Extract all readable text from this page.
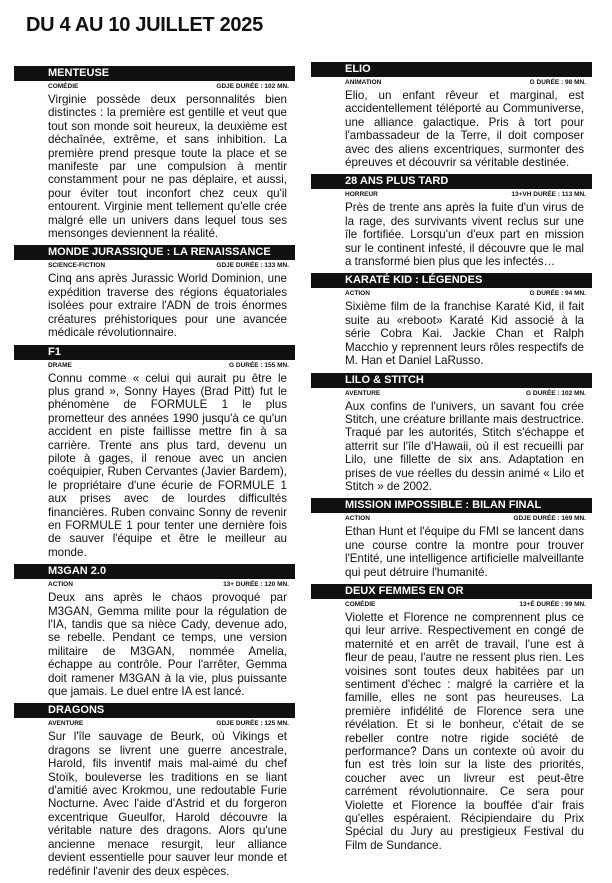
DU 4 AU 10 JUILLET 2025
MENTEUSE
COMÉDIE	GDJE DURÉE : 102 MN.

Virginie possède deux personnalités bien distinctes : la première est gentille et veut que tout son monde soit heureux, la deuxième est déchaînée, extrême, et sans inhibition. La première prend presque toute la place et se manifeste par une compulsion à mentir constamment pour ne pas déplaire, et aussi, pour éviter tout inconfort chez ceux qu'il entourent. Virginie ment tellement qu'elle crée malgré elle un univers dans lequel tous ses mensonges deviennent la réalité.

MONDE JURASSIQUE : LA RENAISSANCE
SCIENCE-FICTION	GDJE DURÉE : 133 MN.

Cinq ans après Jurassic World Dominion, une expédition traverse des régions équatoriales isolées pour extraire l'ADN de trois énormes créatures préhistoriques pour une avancée médicale révolutionnaire.

F1
DRAME	G DURÉE : 155 MN.

Connu comme « celui qui aurait pu être le plus grand », Sonny Hayes (Brad Pitt) fut le phénomène de FORMULE 1 le plus prometteur des années 1990 jusqu'à ce qu'un accident en piste faillisse mettre fin à sa carrière. Trente ans plus tard, devenu un pilote à gages, il renoue avec un ancien coéquipier, Ruben Cervantes (Javier Bardem), le propriétaire d'une écurie de FORMULE 1 aux prises avec de lourdes difficultés financières. Ruben convainc Sonny de revenir en FORMULE 1 pour tenter une dernière fois de sauver l'équipe et être le meilleur au monde.

M3GAN 2.0
ACTION	13+ DURÉE : 120 MN.

Deux ans après le chaos provoqué par M3GAN, Gemma milite pour la régulation de l'IA, tandis que sa nièce Cady, devenue ado, se rebelle. Pendant ce temps, une version militaire de M3GAN, nommée Amelia, échappe au contrôle. Pour l'arrêter, Gemma doit ramener M3GAN à la vie, plus puissante que jamais. Le duel entre IA est lancé.

DRAGONS
AVENTURE	GDJE DURÉE : 125 MN.

Sur l'île sauvage de Beurk, où Vikings et dragons se livrent une guerre ancestrale, Harold, fils inventif mais mal-aimé du chef Stoïk, bouleverse les traditions en se liant d'amitié avec Krokmou, une redoutable Furie Nocturne. Avec l'aide d'Astrid et du forgeron excentrique Gueulfor, Harold découvre la véritable nature des dragons. Alors qu'une ancienne menace resurgit, leur alliance devient essentielle pour sauver leur monde et redéfinir l'avenir des deux espèces.

ELIO
ANIMATION	G DURÉE : 98 MN.

Elio, un enfant rêveur et marginal, est accidentellement téléporté au Communiverse, une alliance galactique. Pris à tort pour l'ambassadeur de la Terre, il doit composer avec des aliens excentriques, surmonter des épreuves et découvrir sa véritable destinée.

28 ANS PLUS TARD
HORREUR	13+VH DURÉE : 113 MN.

Près de trente ans après la fuite d'un virus de la rage, des survivants vivent reclus sur une île fortifiée. Lorsqu'un d'eux part en mission sur le continent infesté, il découvre que le mal a transformé bien plus que les infectés…

KARATÉ KID : LÉGENDES
ACTION	G DURÉE : 94 MN.

Sixième film de la franchise Karaté Kid, il fait suite au «reboot» Karaté Kid associé à la série Cobra Kai. Jackie Chan et Ralph Macchio y reprennent leurs rôles respectifs de M. Han et Daniel LaRusso.

LILO & STITCH
AVENTURE	G DURÉE : 102 MN.

Aux confins de l'univers, un savant fou crée Stitch, une créature brillante mais destructrice. Traqué par les autorités, Stitch s'échappe et atterrit sur l'île d'Hawaii, où il est recueilli par Lilo, une fillette de six ans. Adaptation en prises de vue réelles du dessin animé « Lilo et Stitch » de 2002.

MISSION IMPOSSIBLE : BILAN FINAL
ACTION	GDJE DURÉE : 169 MN.

Ethan Hunt et l'équipe du FMI se lancent dans une course contre la montre pour trouver l'Entité, une intelligence artificielle malveillante qui peut détruire l'humanité.

DEUX FEMMES EN OR
COMÉDIE	13+É DURÉE : 99 MN.

Violette et Florence ne comprennent plus ce qui leur arrive. Respectivement en congé de maternité et en arrêt de travail, l'une est à fleur de peau, l'autre ne ressent plus rien. Les voisines sont toutes deux habitées par un sentiment d'échec : malgré la carrière et la famille, elles ne sont pas heureuses. La première infidélité de Florence sera une révélation. Et si le bonheur, c'était de se rebeller contre notre rigide société de performance? Dans un contexte où avoir du fun est très loin sur la liste des priorités, coucher avec un livreur est peut-être carrément révolutionnaire. Ce sera pour Violette et Florence la bouffée d'air frais qu'elles espéraient. Récipiendaire du Prix Spécial du Jury au prestigieux Festival du Film de Sundance.
